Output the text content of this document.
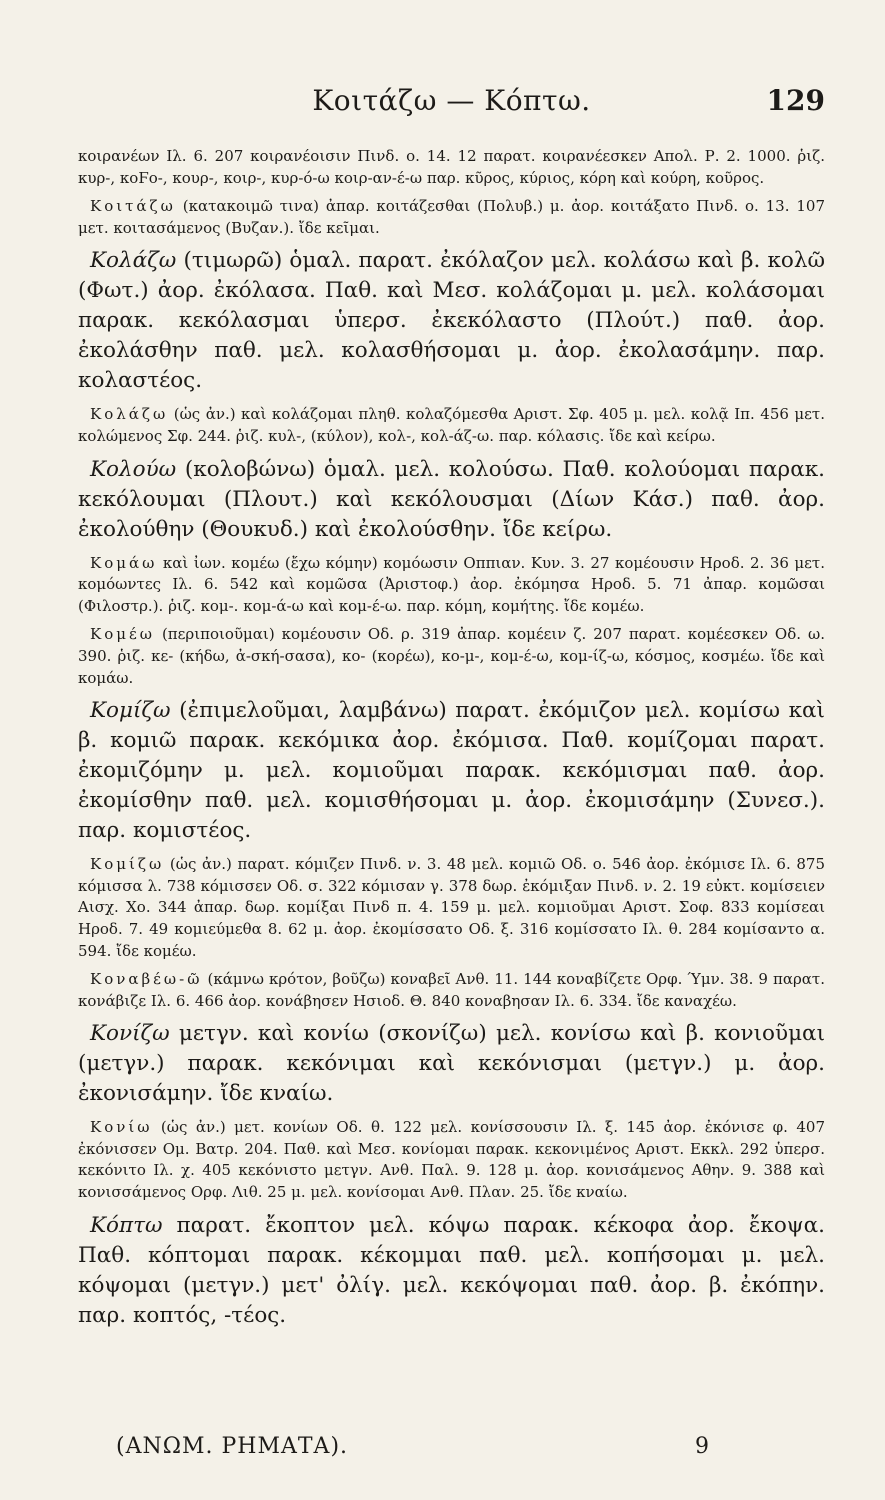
Κοιτάζω — Κόπτω.	129

κοιρανέων Ιλ. 6. 207 κοιρανέοισιν Πινδ. ο. 14. 12 παρατ. κοιρανέεσκεν Απολ. Ρ. 2. 1000. ῥιζ. κυρ-, κοϜο-, κουρ-, κοιρ-, κυρ-ό-ω κοιρ-αν-έ-ω παρ. κῦρος, κύριος, κόρη καὶ κούρη, κοῦρος.

Κοιτάζω (κατακοιμῶ τινα) ἀπαρ. κοιτάζεσθαι (Πολυβ.) μ. ἀορ. κοιτάξατο Πινδ. ο. 13. 107 μετ. κοιτασάμενος (Βυζαν.). ἴδε κεῖμαι.

Κολάζω (τιμωρῶ) ὁμαλ. παρατ. ἐκόλαζον μελ. κολάσω καὶ β. κολῶ (Φωτ.) ἀορ. ἐκόλασα. Παθ. καὶ Μεσ. κολάζομαι μ. μελ. κολάσομαι παρακ. κεκόλασμαι ὑπερσ. ἐκεκόλαστο (Πλούτ.) παθ. ἀορ. ἐκολάσθην παθ. μελ. κολασθήσομαι μ. ἀορ. ἐκολασάμην. παρ. κολαστέος.

Κολάζω (ὡς ἀν.) καὶ κολάζομαι πληθ. κολαζόμεσθα Αριστ. Σφ. 405 μ. μελ. κολᾷ Ιπ. 456 μετ. κολώμενος Σφ. 244. ῥιζ. κυλ-, (κύλον), κολ-, κολ-άζ-ω. παρ. κόλασις. ἴδε καὶ κείρω.

Κολούω (κολοβώνω) ὁμαλ. μελ. κολούσω. Παθ. κολούομαι παρακ. κεκόλουμαι (Πλουτ.) καὶ κεκόλουσμαι (Δίων Κάσ.) παθ. ἀορ. ἐκολούθην (Θουκυδ.) καὶ ἐκολούσθην. ἴδε κείρω.

Κομάω καὶ ἰων. κομέω (ἔχω κόμην) κομόωσιν Οππιαν. Κυν. 3. 27 κομέουσιν Ηροδ. 2. 36 μετ. κομόωντες Ιλ. 6. 542 καὶ κομῶσα (Ἀριστοφ.) ἀορ. ἐκόμησα Ηροδ. 5. 71 ἀπαρ. κομῶσαι (Φιλοστρ.). ῥιζ. κομ-. κομ-ά-ω καὶ κομ-έ-ω. παρ. κόμη, κομήτης. ἴδε κομέω.

Κομέω (περιποιοῦμαι) κομέουσιν Οδ. ρ. 319 ἀπαρ. κομέειν ζ. 207 παρατ. κομέεσκεν Οδ. ω. 390. ῥιζ. κε- (κήδω, ἀ-σκή-σασα), κο- (κορέω), κο-μ-, κομ-έ-ω, κομ-ίζ-ω, κόσμος, κοσμέω. ἴδε καὶ κομάω.

Κομίζω (ἐπιμελοῦμαι, λαμβάνω) παρατ. ἐκόμιζον μελ. κομίσω καὶ β. κομιῶ παρακ. κεκόμικα ἀορ. ἐκόμισα. Παθ. κομίζομαι παρατ. ἐκομιζόμην μ. μελ. κομιοῦμαι παρακ. κεκόμισμαι παθ. ἀορ. ἐκομίσθην παθ. μελ. κομισθήσομαι μ. ἀορ. ἐκομισάμην (Συνεσ.). παρ. κομιστέος.

Κομίζω (ὡς ἀν.) παρατ. κόμιζεν Πινδ. ν. 3. 48 μελ. κομιῶ Οδ. ο. 546 ἀορ. ἐκόμισε Ιλ. 6. 875 κόμισσα λ. 738 κόμισσεν Οδ. σ. 322 κόμισαν γ. 378 δωρ. ἐκόμιξαν Πινδ. ν. 2. 19 εὐκτ. κομίσειεν Αισχ. Χο. 344 ἀπαρ. δωρ. κομίξαι Πινδ π. 4. 159 μ. μελ. κομιοῦμαι Αριστ. Σοφ. 833 κομίσεαι Ηροδ. 7. 49 κομιεύμεθα 8. 62 μ. ἀορ. ἐκομίσσατο Οδ. ξ. 316 κομίσσατο Ιλ. θ. 284 κομίσαντο α. 594. ἴδε κομέω.

Κοναβέω-ῶ (κάμνω κρότον, βοῦζω) κοναβεῖ Ανθ. 11. 144 κοναβίζετε Ορφ. Ύμν. 38. 9 παρατ. κονάβιζε Ιλ. 6. 466 ἀορ. κονάβησεν Ησιοδ. Θ. 840 κοναβησαν Ιλ. 6. 334. ἴδε καναχέω.

Κονίζω μετγν. καὶ κονίω (σκονίζω) μελ. κονίσω καὶ β. κονιοῦμαι (μετγν.) παρακ. κεκόνιμαι καὶ κεκόνισμαι (μετγν.) μ. ἀορ. ἐκονισάμην. ἴδε κναίω.

Κονίω (ὡς ἀν.) μετ. κονίων Οδ. θ. 122 μελ. κονίσσουσιν Ιλ. ξ. 145 ἀορ. ἐκόνισε φ. 407 ἐκόνισσεν Ομ. Βατρ. 204. Παθ. καὶ Μεσ. κονίομαι παρακ. κεκονιμένος Αριστ. Εκκλ. 292 ὑπερσ. κεκόνιτο Ιλ. χ. 405 κεκόνιστο μετγν. Ανθ. Παλ. 9. 128 μ. ἀορ. κονισάμενος Αθην. 9. 388 καὶ κονισσάμενος Ορφ. Λιθ. 25 μ. μελ. κονίσομαι Ανθ. Πλαν. 25. ἴδε κναίω.

Κόπτω παρατ. ἔκοπτον μελ. κόψω παρακ. κέκοφα ἀορ. ἔκοψα. Παθ. κόπτομαι παρακ. κέκομμαι παθ. μελ. κοπήσομαι μ. μελ. κόψομαι (μετγν.) μετ' ὀλίγ. μελ. κεκόψομαι παθ. ἀορ. β. ἐκόπην. παρ. κοπτός, -τέος.

(ΑΝΩΜ. ΡΗΜΑΤΑ).	9
